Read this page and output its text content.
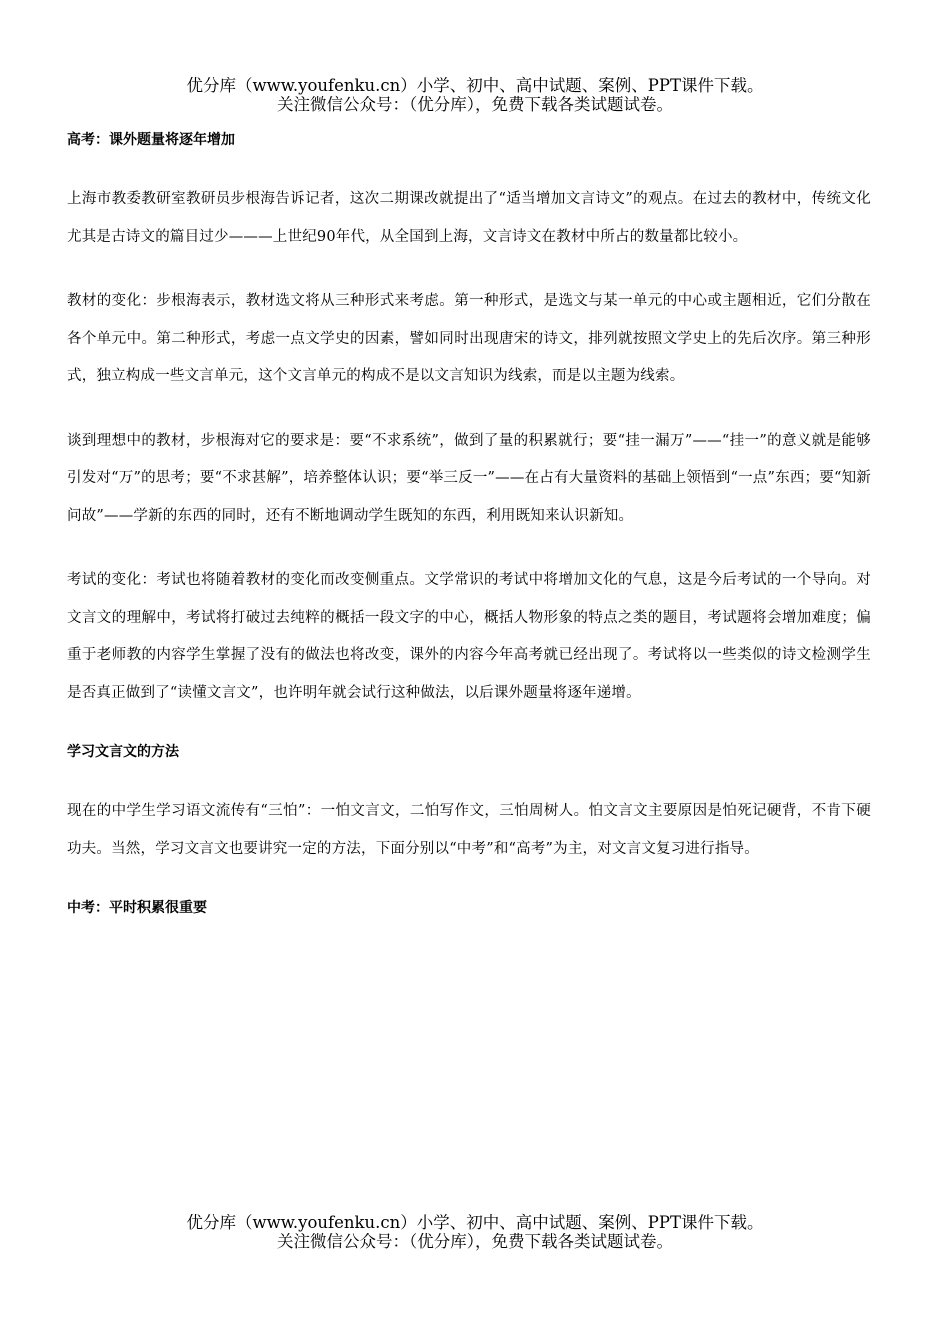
优分库（www.youfenku.cn）小学、初中、高中试题、案例、PPT课件下载。
关注微信公众号：（优分库），免费下载各类试题试卷。

高考：课外题量将逐年增加

上海市教委教研室教研员步根海告诉记者，这次二期课改就提出了“适当增加文言诗文”的观点。在过去的教材中，传统文化尤其是古诗文的篇目过少———上世纪90年代，从全国到上海，文言诗文在教材中所占的数量都比较小。

教材的变化：步根海表示，教材选文将从三种形式来考虑。第一种形式，是选文与某一单元的中心或主题相近，它们分散在各个单元中。第二种形式，考虑一点文学史的因素，譬如同时出现唐宋的诗文，排列就按照文学史上的先后次序。第三种形式，独立构成一些文言单元，这个文言单元的构成不是以文言知识为线索，而是以主题为线索。

谈到理想中的教材，步根海对它的要求是：要“不求系统”，做到了量的积累就行；要“挂一漏万”——“挂一”的意义就是能够引发对“万”的思考；要“不求甚解”，培养整体认识；要“举三反一”——在占有大量资料的基础上领悟到“一点”东西；要“知新问故”——学新的东西的同时，还有不断地调动学生既知的东西，利用既知来认识新知。

考试的变化：考试也将随着教材的变化而改变侧重点。文学常识的考试中将增加文化的气息，这是今后考试的一个导向。对文言文的理解中，考试将打破过去纯粹的概括一段文字的中心，概括人物形象的特点之类的题目，考试题将会增加难度；偏重于老师教的内容学生掌握了没有的做法也将改变，课外的内容今年高考就已经出现了。考试将以一些类似的诗文检测学生是否真正做到了“读懂文言文”，也许明年就会试行这种做法，以后课外题量将逐年递增。

学习文言文的方法

现在的中学生学习语文流传有“三怕”：一怕文言文，二怕写作文，三怕周树人。怕文言文主要原因是怕死记硬背，不肯下硬功夫。当然，学习文言文也要讲究一定的方法，下面分别以“中考”和“高考”为主，对文言文复习进行指导。

中考：平时积累很重要

优分库（www.youfenku.cn）小学、初中、高中试题、案例、PPT课件下载。
关注微信公众号：（优分库），免费下载各类试题试卷。
